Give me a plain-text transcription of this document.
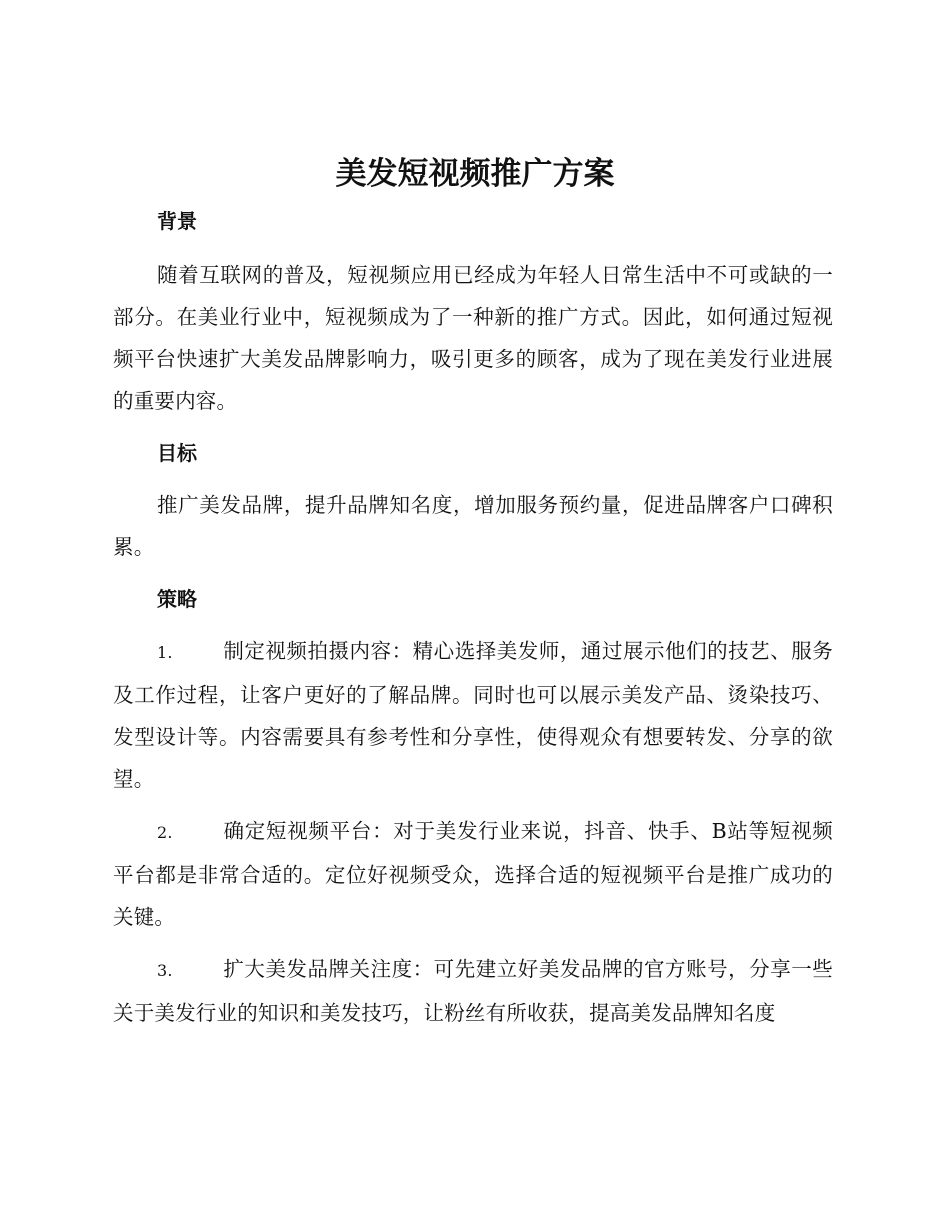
美发短视频推广方案

背景

随着互联网的普及，短视频应用已经成为年轻人日常生活中不可或缺的一部分。在美业行业中，短视频成为了一种新的推广方式。因此，如何通过短视频平台快速扩大美发品牌影响力，吸引更多的顾客，成为了现在美发行业进展的重要内容。

目标

推广美发品牌，提升品牌知名度，增加服务预约量，促进品牌客户口碑积累。

策略

1. 制定视频拍摄内容：精心选择美发师，通过展示他们的技艺、服务及工作过程，让客户更好的了解品牌。同时也可以展示美发产品、烫染技巧、发型设计等。内容需要具有参考性和分享性，使得观众有想要转发、分享的欲望。

2. 确定短视频平台：对于美发行业来说，抖音、快手、B站等短视频平台都是非常合适的。定位好视频受众，选择合适的短视频平台是推广成功的关键。

3. 扩大美发品牌关注度：可先建立好美发品牌的官方账号，分享一些关于美发行业的知识和美发技巧，让粉丝有所收获，提高美发品牌知名度
